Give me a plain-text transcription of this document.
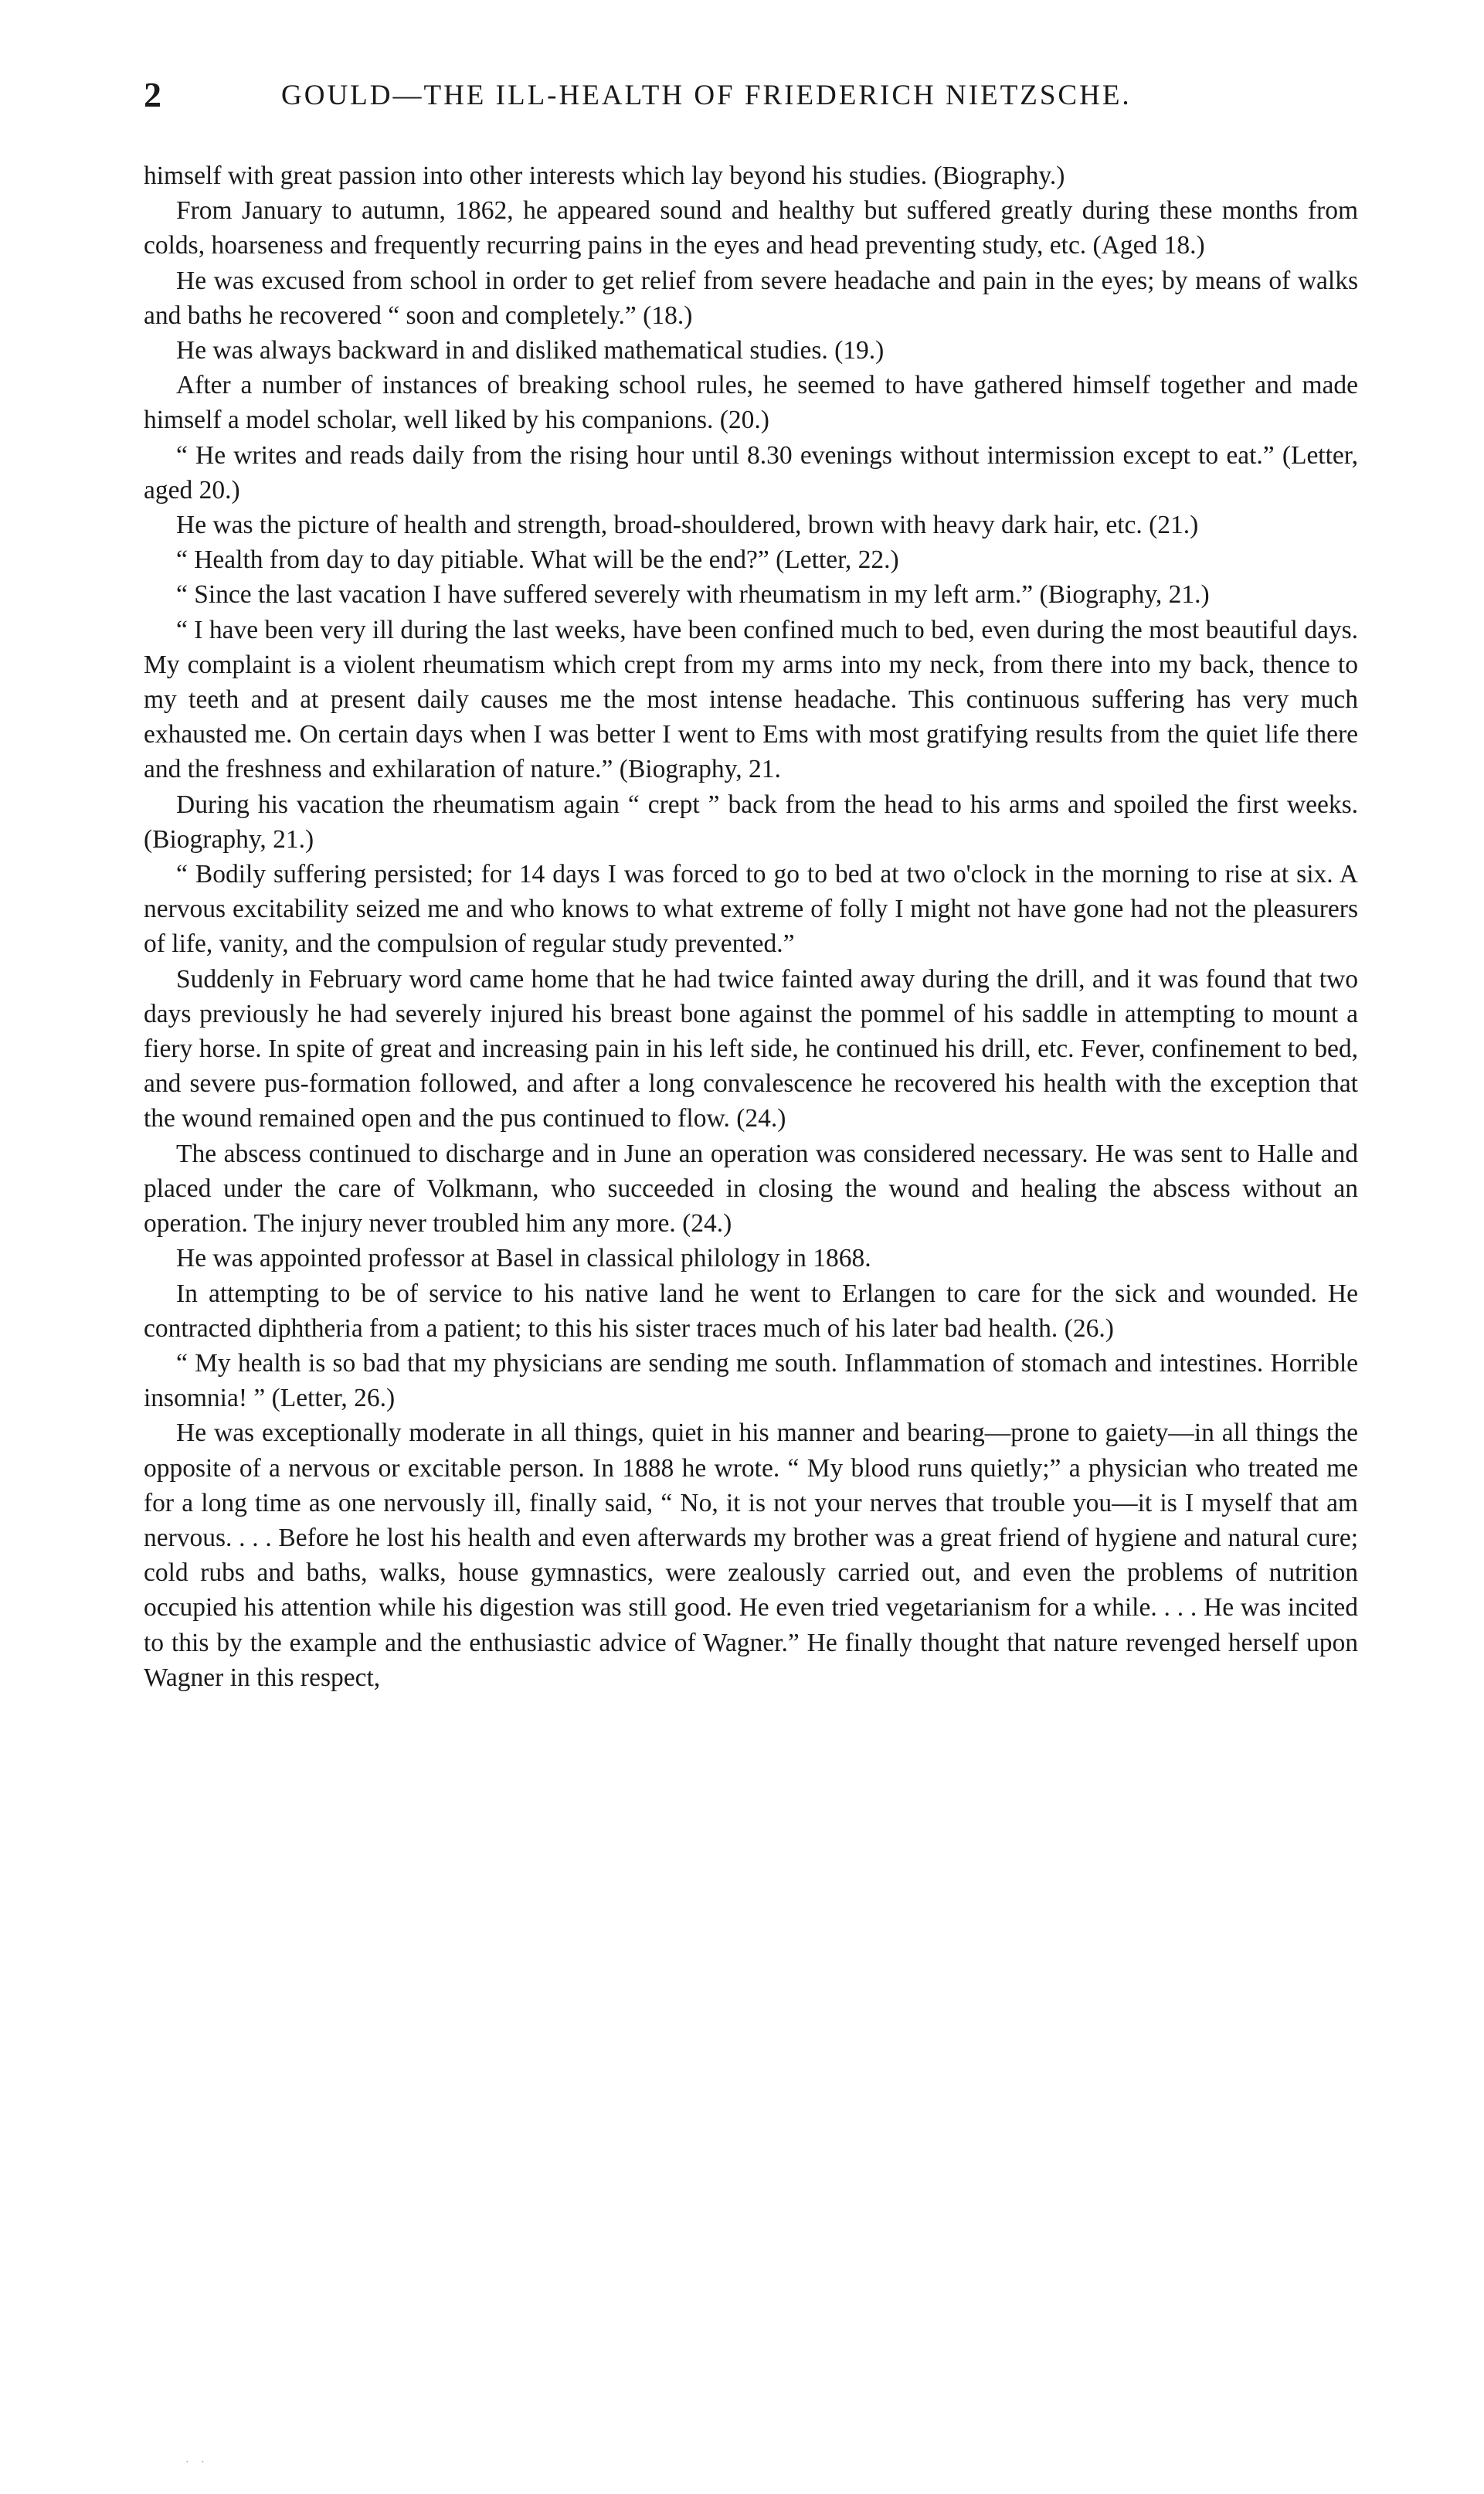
2	GOULD—THE ILL-HEALTH OF FRIEDERICH NIETZSCHE.

himself with great passion into other interests which lay beyond his studies. (Biography.)

From January to autumn, 1862, he appeared sound and healthy but suffered greatly during these months from colds, hoarseness and frequently recurring pains in the eyes and head preventing study, etc. (Aged 18.)

He was excused from school in order to get relief from severe headache and pain in the eyes; by means of walks and baths he recovered “ soon and completely.” (18.)

He was always backward in and disliked mathematical studies. (19.)

After a number of instances of breaking school rules, he seemed to have gathered himself together and made himself a model scholar, well liked by his companions. (20.)

“ He writes and reads daily from the rising hour until 8.30 evenings without intermission except to eat.” (Letter, aged 20.)

He was the picture of health and strength, broad-shouldered, brown with heavy dark hair, etc. (21.)

“ Health from day to day pitiable. What will be the end?” (Letter, 22.)

“ Since the last vacation I have suffered severely with rheumatism in my left arm.” (Biography, 21.)

“ I have been very ill during the last weeks, have been confined much to bed, even during the most beautiful days. My complaint is a violent rheumatism which crept from my arms into my neck, from there into my back, thence to my teeth and at present daily causes me the most intense headache. This continuous suffering has very much exhausted me. On certain days when I was better I went to Ems with most gratifying results from the quiet life there and the freshness and exhilaration of nature.” (Biography, 21.

During his vacation the rheumatism again “ crept ” back from the head to his arms and spoiled the first weeks. (Biography, 21.)

“ Bodily suffering persisted; for 14 days I was forced to go to bed at two o'clock in the morning to rise at six. A nervous excitability seized me and who knows to what extreme of folly I might not have gone had not the pleasurers of life, vanity, and the compulsion of regular study prevented.”

Suddenly in February word came home that he had twice fainted away during the drill, and it was found that two days previously he had severely injured his breast bone against the pommel of his saddle in attempting to mount a fiery horse. In spite of great and increasing pain in his left side, he continued his drill, etc. Fever, confinement to bed, and severe pus-formation followed, and after a long convalescence he recovered his health with the exception that the wound remained open and the pus continued to flow. (24.)

The abscess continued to discharge and in June an operation was considered necessary. He was sent to Halle and placed under the care of Volkmann, who succeeded in closing the wound and healing the abscess without an operation. The injury never troubled him any more. (24.)

He was appointed professor at Basel in classical philology in 1868.

In attempting to be of service to his native land he went to Erlangen to care for the sick and wounded. He contracted diphtheria from a patient; to this his sister traces much of his later bad health. (26.)

“ My health is so bad that my physicians are sending me south. Inflammation of stomach and intestines. Horrible insomnia! ” (Letter, 26.)

He was exceptionally moderate in all things, quiet in his manner and bearing—prone to gaiety—in all things the opposite of a nervous or excitable person. In 1888 he wrote. “ My blood runs quietly;” a physician who treated me for a long time as one nervously ill, finally said, “ No, it is not your nerves that trouble you—it is I myself that am nervous. . . . Before he lost his health and even afterwards my brother was a great friend of hygiene and natural cure; cold rubs and baths, walks, house gymnastics, were zealously carried out, and even the problems of nutrition occupied his attention while his digestion was still good. He even tried vegetarianism for a while. . . . He was incited to this by the example and the enthusiastic advice of Wagner.” He finally thought that nature revenged herself upon Wagner in this respect,

· ·
